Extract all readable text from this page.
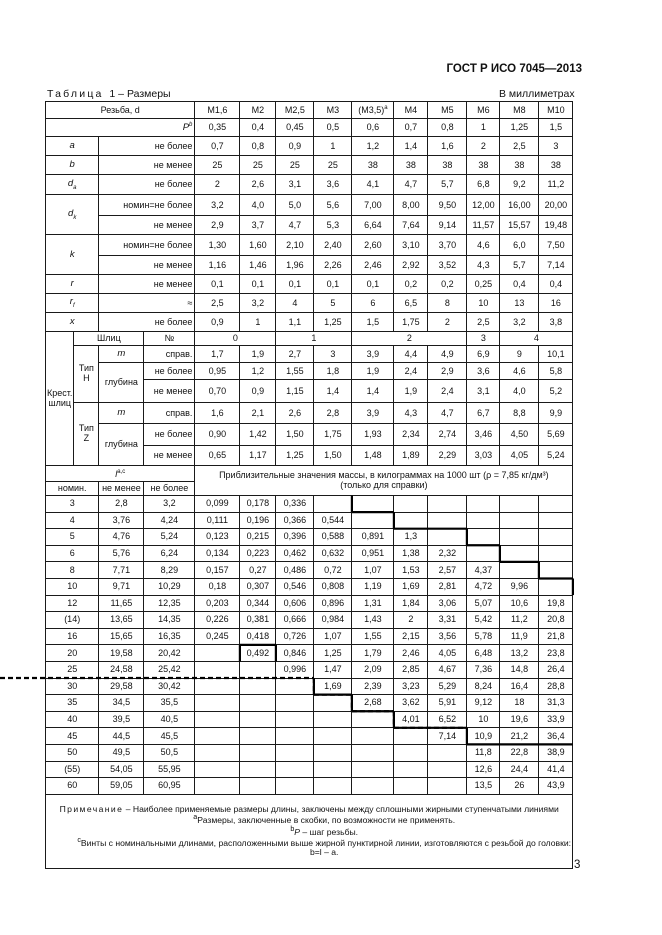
ГОСТ Р ИСО 7045—2013
Таблица 1 – Размеры	В миллиметрах
Резьба, d				M1,6	M2	M2,5	M3	$(M3,5)^a$	M4	M5	M6	M8	M10
$P^b$				0,35	0,4	0,45	0,5	0,6	0,7	0,8	1	1,25	1,5
a		не более		0,7	0,8	0,9	1	1,2	1,4	1,6	2	2,5	3
b		не менее		25	25	25	25	38	38	38	38	38	38
$d_a$		не более		2	2,6	3,1	3,6	4,1	4,7	5,7	6,8	9,2	11,2
$d_k$		номин=не более		3,2	4,0	5,0	5,6	7,00	8,00	9,50	12,00	16,00	20,00
		не менее		2,9	3,7	4,7	5,3	6,64	7,64	9,14	11,57	15,57	19,48
k		номин=не более		1,30	1,60	2,10	2,40	2,60	3,10	3,70	4,6	6,0	7,50
		не менее		1,16	1,46	1,96	2,26	2,46	2,92	3,52	4,3	5,7	7,14
r		не менее		0,1	0,1	0,1	0,1	0,1	0,2	0,2	0,25	0,4	0,4
$r_f$		≈		2,5	3,2	4	5	6	6,5	8	10	13	16
x		не более		0,9	1	1,1	1,25	1,5	1,75	2	2,5	3,2	3,8
Крест. шлиц	Шлиц		№	0		1		2			3	4	
	Тип H	m	справ.	1,7	1,9	2,7	3	3,9	4,4	4,9	6,9	9	10,1
		глубина	не более	0,95	1,2	1,55	1,8	1,9	2,4	2,9	3,6	4,6	5,8
			не менее	0,70	0,9	1,15	1,4	1,4	1,9	2,4	3,1	4,0	5,2
	Тип Z	m	справ.	1,6	2,1	2,6	2,8	3,9	4,3	4,7	6,7	8,8	9,9
		глубина	не более	0,90	1,42	1,50	1,75	1,93	2,34	2,74	3,46	4,50	5,69
			не менее	0,65	1,17	1,25	1,50	1,48	1,89	2,29	3,03	4,05	5,24
$l^{a,c}$				Приблизительные значения массы, в килограммах на 1000 шт (ρ = 7,85 кг/дм³)
(только для справки)									

номин.		не менее	не более										
3		2,8	3,2	0,099	0,178	0,336							
4		3,76	4,24	0,111	0,196	0,366	0,544						
5		4,76	5,24	0,123	0,215	0,396	0,588	0,891	1,3				
6		5,76	6,24	0,134	0,223	0,462	0,632	0,951	1,38	2,32			
8		7,71	8,29	0,157	0,27	0,486	0,72	1,07	1,53	2,57	4,37		
10		9,71	10,29	0,18	0,307	0,546	0,808	1,19	1,69	2,81	4,72	9,96	
12		11,65	12,35	0,203	0,344	0,606	0,896	1,31	1,84	3,06	5,07	10,6	19,8
(14)		13,65	14,35	0,226	0,381	0,666	0,984	1,43	2	3,31	5,42	11,2	20,8
16		15,65	16,35	0,245	0,418	0,726	1,07	1,55	2,15	3,56	5,78	11,9	21,8
20		19,58	20,42		0,492	0,846	1,25	1,79	2,46	4,05	6,48	13,2	23,8
25		24,58	25,42			0,996	1,47	2,09	2,85	4,67	7,36	14,8	26,4
30		29,58	30,42				1,69	2,39	3,23	5,29	8,24	16,4	28,8
35		34,5	35,5					2,68	3,62	5,91	9,12	18	31,3
40		39,5	40,5						4,01	6,52	10	19,6	33,9
45		44,5	45,5							7,14	10,9	21,2	36,4
50		49,5	50,5								11,8	22,8	38,9
(55)		54,05	55,95								12,6	24,4	41,4
60		59,05	60,95								13,5	26	43,9

Примечание – Наиболее применяемые размеры длины, заключены между сплошными жирными ступенчатыми линиями

$^a$Размеры, заключенные в скобки, по возможности не применять.

$^b$P – шаг резьбы.

$^c$Винты с номинальными длинами, расположенными выше жирной пунктирной линии, изготовляются с резьбой до головки: b=l – a.													

3
